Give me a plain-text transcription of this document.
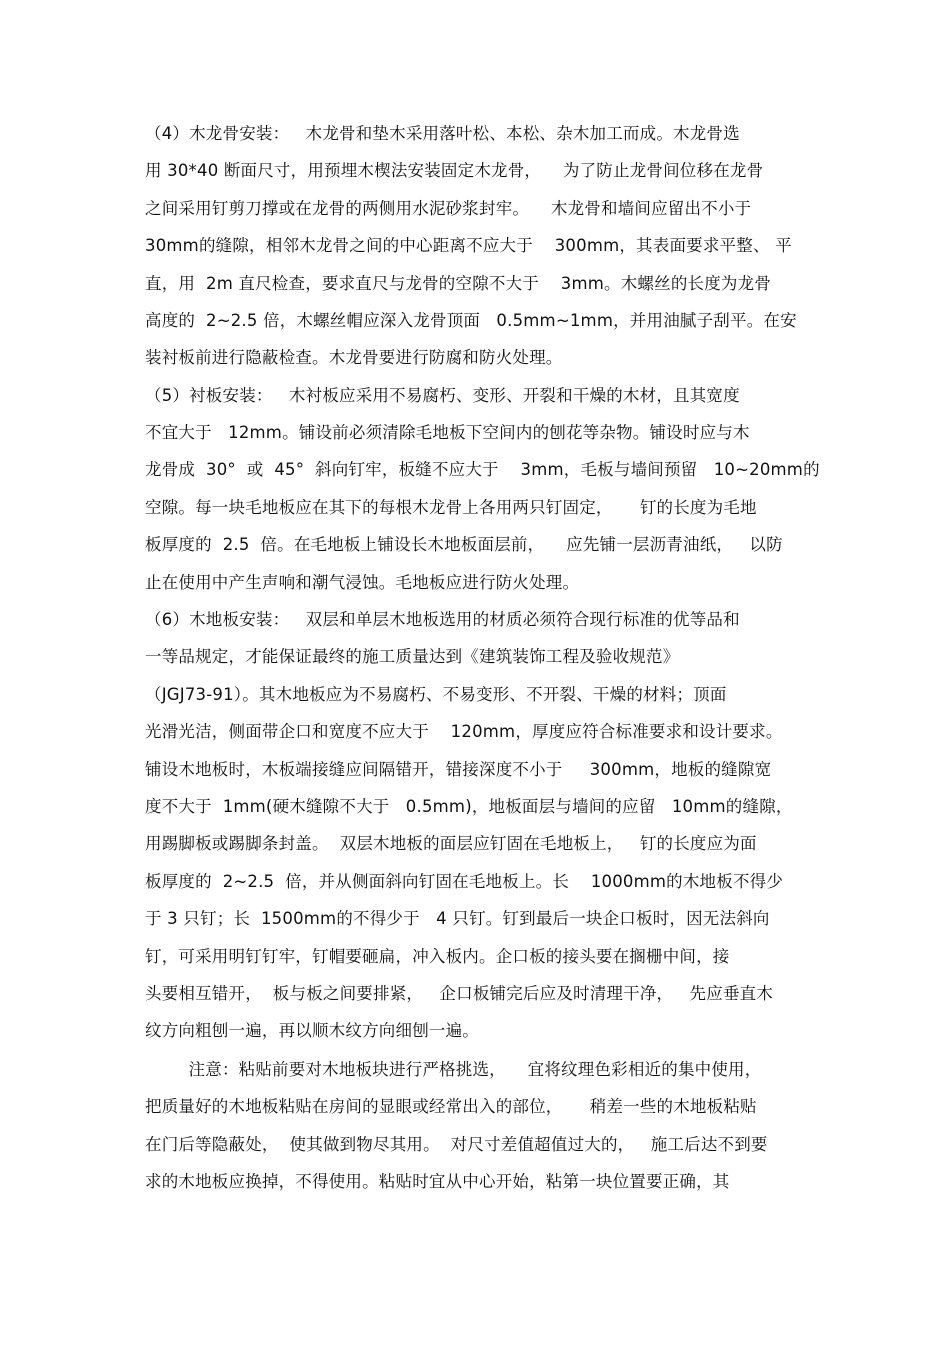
（4）木龙骨安装：   木龙骨和垫木采用落叶松、本松、杂木加工而成。木龙骨选
用 30*40 断面尺寸，用预埋木楔法安装固定木龙骨，    为了防止龙骨间位移在龙骨
之间采用钉剪刀撑或在龙骨的两侧用水泥砂浆封牢。    木龙骨和墙间应留出不小于
30mm的缝隙，相邻木龙骨之间的中心距离不应大于    300mm，其表面要求平整、 平
直，用  2m 直尺检查，要求直尺与龙骨的空隙不大于    3mm。木螺丝的长度为龙骨
高度的  2~2.5 倍，木螺丝帽应深入龙骨顶面   0.5mm~1mm，并用油腻子刮平。在安
装衬板前进行隐蔽检查。木龙骨要进行防腐和防火处理。
（5）衬板安装：   木衬板应采用不易腐朽、变形、开裂和干燥的木材，且其宽度
不宜大于   12mm。铺设前必须清除毛地板下空间内的刨花等杂物。铺设时应与木
龙骨成  30°  或  45°  斜向钉牢，板缝不应大于    3mm，毛板与墙间预留   10~20mm的
空隙。每一块毛地板应在其下的每根木龙骨上各用两只钉固定，     钉的长度为毛地
板厚度的  2.5  倍。在毛地板上铺设长木地板面层前，    应先铺一层沥青油纸，   以防
止在使用中产生声响和潮气浸蚀。毛地板应进行防火处理。
（6）木地板安装：   双层和单层木地板选用的材质必须符合现行标准的优等品和
一等品规定，才能保证最终的施工质量达到《建筑装饰工程及验收规范》
（JGJ73-91）。其木地板应为不易腐朽、不易变形、不开裂、干燥的材料；顶面
光滑光洁，侧面带企口和宽度不应大于    120mm，厚度应符合标准要求和设计要求。
铺设木地板时，木板端接缝应间隔错开，错接深度不小于     300mm，地板的缝隙宽
度不大于  1mm(硬木缝隙不大于   0.5mm)，地板面层与墙间的应留   10mm的缝隙，
用踢脚板或踢脚条封盖。  双层木地板的面层应钉固在毛地板上，   钉的长度应为面
板厚度的  2~2.5  倍，并从侧面斜向钉固在毛地板上。长    1000mm的木地板不得少
于 3 只钉；长  1500mm的不得少于   4 只钉。钉到最后一块企口板时，因无法斜向
钉，可采用明钉钉牢，钉帽要砸扁，冲入板内。企口板的接头要在搁栅中间，接
头要相互错开，  板与板之间要排紧，   企口板铺完后应及时清理干净，   先应垂直木
纹方向粗刨一遍，再以顺木纹方向细刨一遍。
注意：粘贴前要对木地板块进行严格挑选，    宜将纹理色彩相近的集中使用，
把质量好的木地板粘贴在房间的显眼或经常出入的部位，     稍差一些的木地板粘贴
在门后等隐蔽处，  使其做到物尽其用。  对尺寸差值超值过大的，   施工后达不到要
求的木地板应换掉，不得使用。粘贴时宜从中心开始，粘第一块位置要正确，其
